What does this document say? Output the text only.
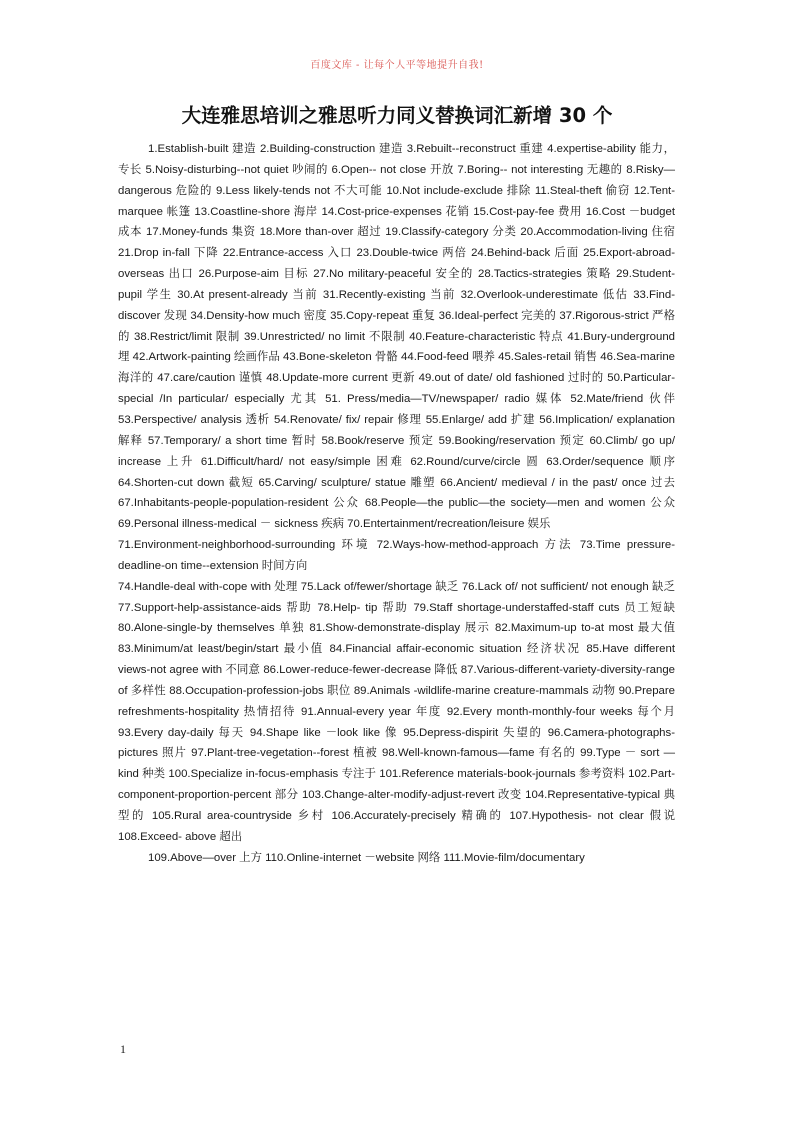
百度文库 - 让每个人平等地提升自我!
大连雅思培训之雅思听力同义替换词汇新增 30 个

1.Establish-built 建造 2.Building-construction 建造 3.Rebuilt--reconstruct 重建 4.expertise-ability 能力，专长 5.Noisy-disturbing--not quiet 吵闹的 6.Open-- not close 开放 7.Boring-- not interesting 无趣的 8.Risky—dangerous 危险的 9.Less likely-tends not 不大可能 10.Not include-exclude 排除 11.Steal-theft 偷窃 12.Tent-marquee 帐篷 13.Coastline-shore 海岸 14.Cost-price-expenses 花销 15.Cost-pay-fee 费用 16.Cost －budget 成本 17.Money-funds 集资 18.More than-over 超过 19.Classify-category 分类 20.Accommodation-living 住宿 21.Drop in-fall 下降 22.Entrance-access 入口 23.Double-twice 两倍 24.Behind-back 后面 25.Export-abroad-overseas 出口 26.Purpose-aim 目标 27.No military-peaceful 安全的 28.Tactics-strategies 策略 29.Student-pupil 学生 30.At present-already 当前 31.Recently-existing 当前 32.Overlook-underestimate 低估 33.Find-discover 发现 34.Density-how much 密度 35.Copy-repeat 重复 36.Ideal-perfect 完美的 37.Rigorous-strict 严格的 38.Restrict/limit 限制 39.Unrestricted/ no limit 不限制 40.Feature-characteristic 特点 41.Bury-underground 埋 42.Artwork-painting 绘画作品 43.Bone-skeleton 骨骼 44.Food-feed 喂养 45.Sales-retail 销售 46.Sea-marine 海洋的 47.care/caution 谨慎 48.Update-more current 更新 49.out of date/ old fashioned 过时的 50.Particular- special /In particular/ especially 尤其 51. Press/media—TV/newspaper/ radio 媒体 52.Mate/friend 伙伴 53.Perspective/ analysis 透析 54.Renovate/ fix/ repair 修理 55.Enlarge/ add 扩建 56.Implication/ explanation 解释 57.Temporary/ a short time 暂时 58.Book/reserve 预定 59.Booking/reservation 预定 60.Climb/ go up/ increase 上升 61.Difficult/hard/ not easy/simple 困难 62.Round/curve/circle 圆 63.Order/sequence 顺序 64.Shorten-cut down 截短 65.Carving/ sculpture/ statue 雕塑 66.Ancient/ medieval / in the past/ once 过去 67.Inhabitants-people-population-resident 公众 68.People—the public—the society—men and women 公众 69.Personal illness-medical － sickness 疾病 70.Entertainment/recreation/leisure 娱乐

71.Environment-neighborhood-surrounding 环境 72.Ways-how-method-approach 方法 73.Time pressure-deadline-on time--extension 时间方向

74.Handle-deal with-cope with 处理 75.Lack of/fewer/shortage 缺乏 76.Lack of/ not sufficient/ not enough 缺乏 77.Support-help-assistance-aids 帮助 78.Help- tip 帮助 79.Staff shortage-understaffed-staff cuts 员工短缺 80.Alone-single-by themselves 单独 81.Show-demonstrate-display 展示 82.Maximum-up to-at most 最大值 83.Minimum/at least/begin/start 最小值 84.Financial affair-economic situation 经济状况 85.Have different views-not agree with 不同意 86.Lower-reduce-fewer-decrease 降低 87.Various-different-variety-diversity-range of 多样性 88.Occupation-profession-jobs 职位 89.Animals -wildlife-marine creature-mammals 动物 90.Prepare refreshments-hospitality 热情招待 91.Annual-every year 年度 92.Every month-monthly-four weeks 每个月 93.Every day-daily 每天 94.Shape like －look like 像 95.Depress-dispirit 失望的 96.Camera-photographs-pictures 照片 97.Plant-tree-vegetation--forest 植被 98.Well-known-famous—fame 有名的 99.Type － sort — kind 种类 100.Specialize in-focus-emphasis 专注于 101.Reference materials-book-journals 参考资料 102.Part-component-proportion-percent 部分 103.Change-alter-modify-adjust-revert 改变 104.Representative-typical 典型的 105.Rural area-countryside 乡村 106.Accurately-precisely 精确的 107.Hypothesis- not clear 假说 108.Exceed- above 超出

109.Above—over 上方 110.Online-internet －website 网络 111.Movie-film/documentary

1
